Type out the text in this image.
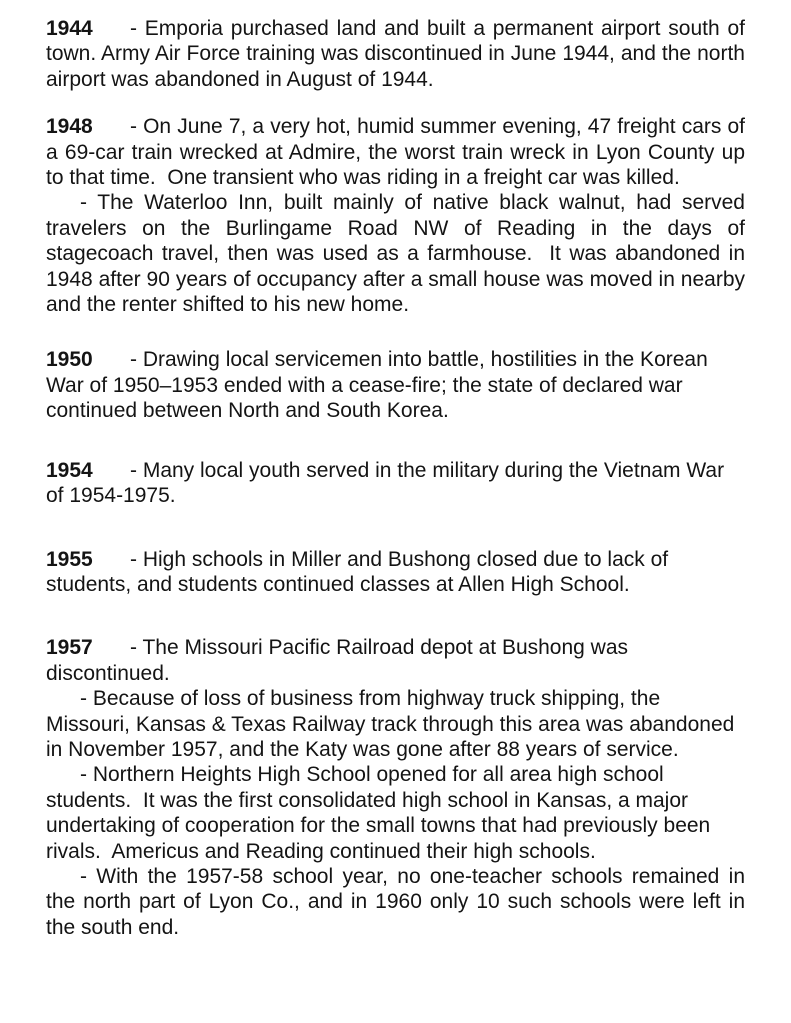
1944 - Emporia purchased land and built a permanent airport south of town. Army Air Force training was discontinued in June 1944, and the north airport was abandoned in August of 1944.

1948 - On June 7, a very hot, humid summer evening, 47 freight cars of a 69-car train wrecked at Admire, the worst train wreck in Lyon County up to that time.  One transient who was riding in a freight car was killed.

- The Waterloo Inn, built mainly of native black walnut, had served travelers on the Burlingame Road NW of Reading in the days of stagecoach travel, then was used as a farmhouse.  It was abandoned in 1948 after 90 years of occupancy after a small house was moved in nearby and the renter shifted to his new home.

1950 - Drawing local servicemen into battle, hostilities in the Korean War of 1950–1953 ended with a cease-fire; the state of declared war continued between North and South Korea.

1954 - Many local youth served in the military during the Vietnam War of 1954-1975.

1955 - High schools in Miller and Bushong closed due to lack of students, and students continued classes at Allen High School.

1957 - The Missouri Pacific Railroad depot at Bushong was discontinued.

- Because of loss of business from highway truck shipping, the Missouri, Kansas & Texas Railway track through this area was abandoned in November 1957, and the Katy was gone after 88 years of service.

- Northern Heights High School opened for all area high school students.  It was the first consolidated high school in Kansas, a major undertaking of cooperation for the small towns that had previously been rivals.  Americus and Reading continued their high schools.

- With the 1957-58 school year, no one-teacher schools remained in the north part of Lyon Co., and in 1960 only 10 such schools were left in the south end.
